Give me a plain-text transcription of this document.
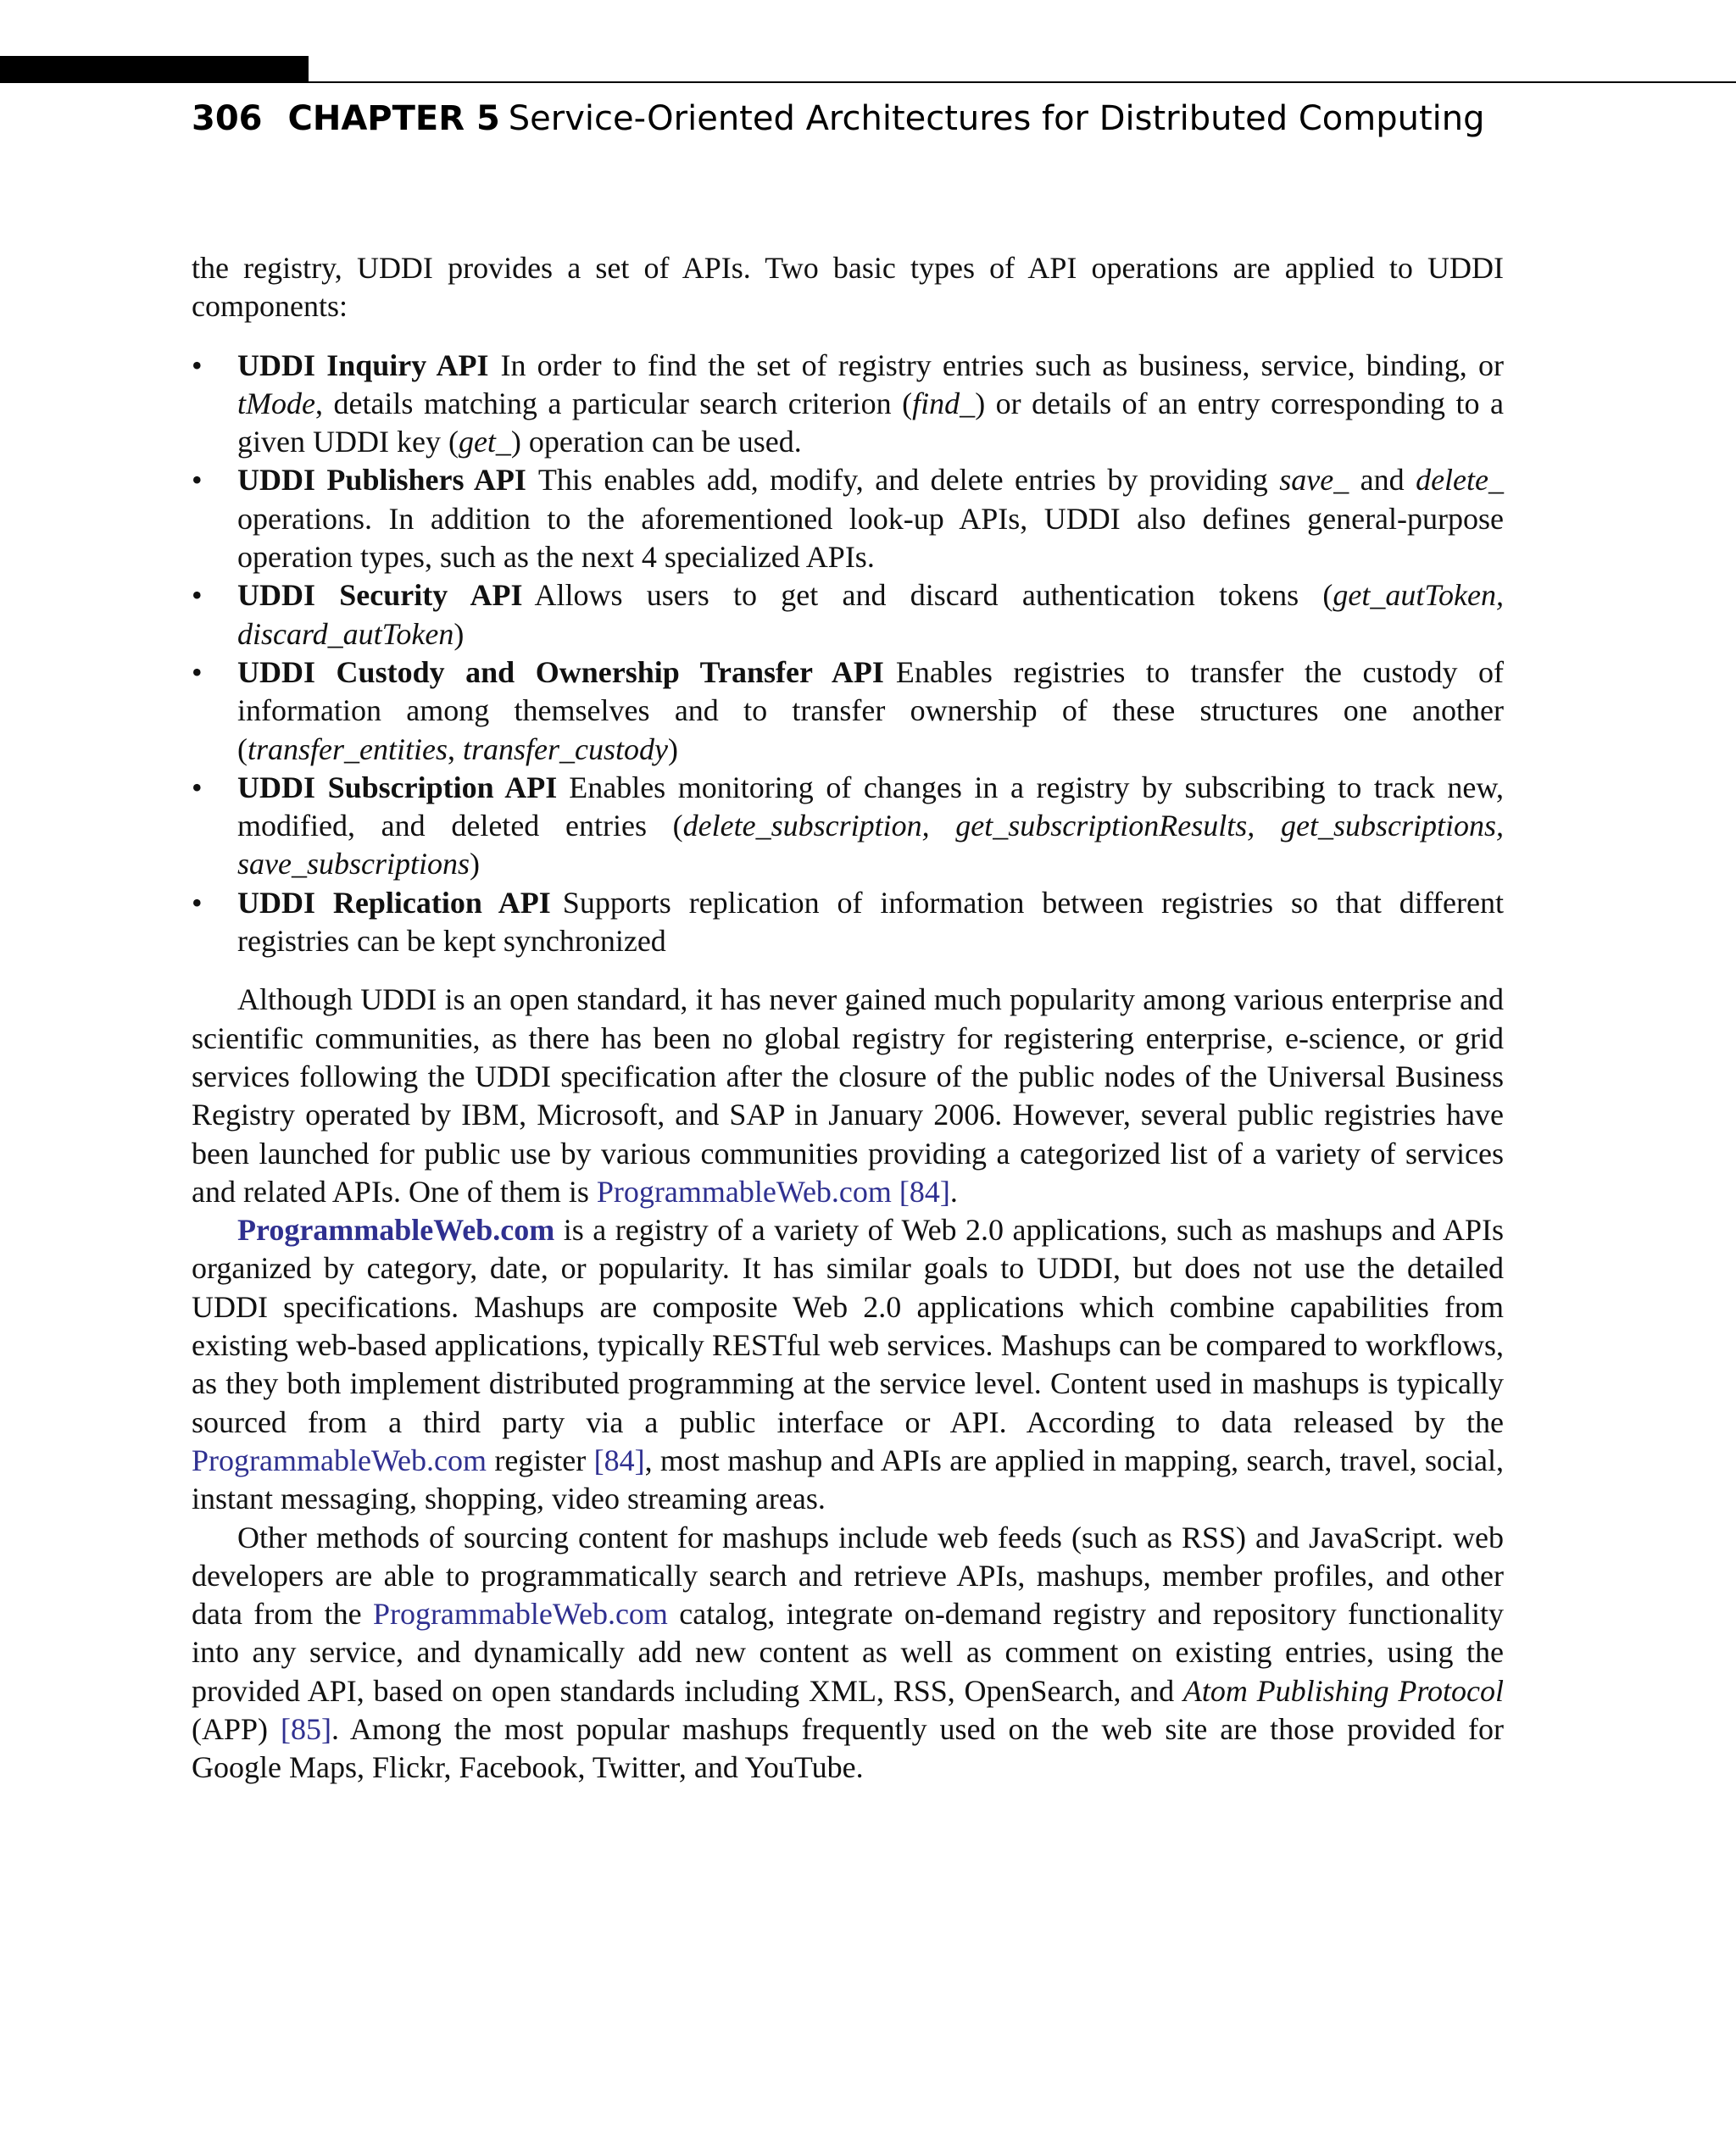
306 CHAPTER 5 Service-Oriented Architectures for Distributed Computing

the registry, UDDI provides a set of APIs. Two basic types of API operations are applied to UDDI components:

• UDDI Inquiry API In order to find the set of registry entries such as business, service, binding, or tMode, details matching a particular search criterion (find_) or details of an entry corresponding to a given UDDI key (get_) operation can be used.
• UDDI Publishers API This enables add, modify, and delete entries by providing save_ and delete_ operations. In addition to the aforementioned look-up APIs, UDDI also defines general-purpose operation types, such as the next 4 specialized APIs.
• UDDI Security API Allows users to get and discard authentication tokens (get_autToken, discard_autToken)
• UDDI Custody and Ownership Transfer API Enables registries to transfer the custody of information among themselves and to transfer ownership of these structures one another (transfer_entities, transfer_custody)
• UDDI Subscription API Enables monitoring of changes in a registry by subscribing to track new, modified, and deleted entries (delete_subscription, get_subscriptionResults, get_subscriptions, save_subscriptions)
• UDDI Replication API Supports replication of information between registries so that different registries can be kept synchronized

Although UDDI is an open standard, it has never gained much popularity among various enterprise and scientific communities, as there has been no global registry for registering enterprise, e-science, or grid services following the UDDI specification after the closure of the public nodes of the Universal Business Registry operated by IBM, Microsoft, and SAP in January 2006. However, several public registries have been launched for public use by various communities providing a categorized list of a variety of services and related APIs. One of them is ProgrammableWeb.com [84].

ProgrammableWeb.com is a registry of a variety of Web 2.0 applications, such as mashups and APIs organized by category, date, or popularity. It has similar goals to UDDI, but does not use the detailed UDDI specifications. Mashups are composite Web 2.0 applications which combine capabilities from existing web-based applications, typically RESTful web services. Mashups can be compared to workflows, as they both implement distributed programming at the service level. Content used in mashups is typically sourced from a third party via a public interface or API. According to data released by the ProgrammableWeb.com register [84], most mashup and APIs are applied in mapping, search, travel, social, instant messaging, shopping, video streaming areas.

Other methods of sourcing content for mashups include web feeds (such as RSS) and JavaScript. web developers are able to programmatically search and retrieve APIs, mashups, member profiles, and other data from the ProgrammableWeb.com catalog, integrate on-demand registry and repository functionality into any service, and dynamically add new content as well as comment on existing entries, using the provided API, based on open standards including XML, RSS, OpenSearch, and Atom Publishing Protocol (APP) [85]. Among the most popular mashups frequently used on the web site are those provided for Google Maps, Flickr, Facebook, Twitter, and YouTube.
